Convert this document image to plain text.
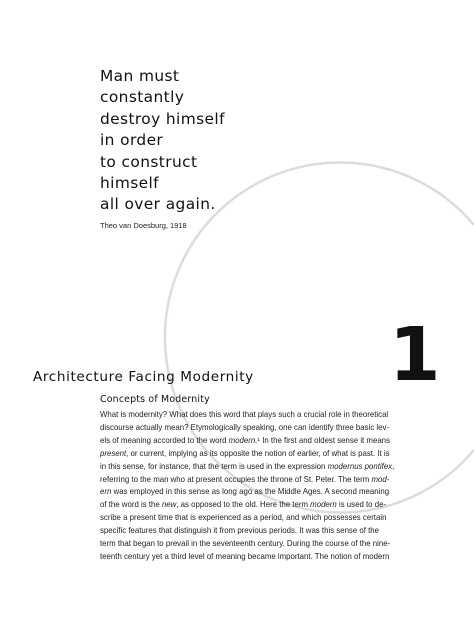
Man must
constantly
destroy himself
in order
to construct
himself
all over again.
Theo van Doesburg, 1918
1
Architecture Facing Modernity
Concepts of Modernity
What is modernity? What does this word that plays such a crucial role in theoretical
discourse actually mean? Etymologically speaking, one can identify three basic lev-
els of meaning accorded to the word modern.¹ In the first and oldest sense it means
present, or current, implying as its opposite the notion of earlier, of what is past. It is
in this sense, for instance, that the term is used in the expression modernus pontifex,
referring to the man who at present occupies the throne of St. Peter. The term mod-
ern was employed in this sense as long ago as the Middle Ages. A second meaning
of the word is the new, as opposed to the old. Here the term modern is used to de-
scribe a present time that is experienced as a period, and which possesses certain
specific features that distinguish it from previous periods. It was this sense of the
term that began to prevail in the seventeenth century. During the course of the nine-
teenth century yet a third level of meaning became important. The notion of modern
